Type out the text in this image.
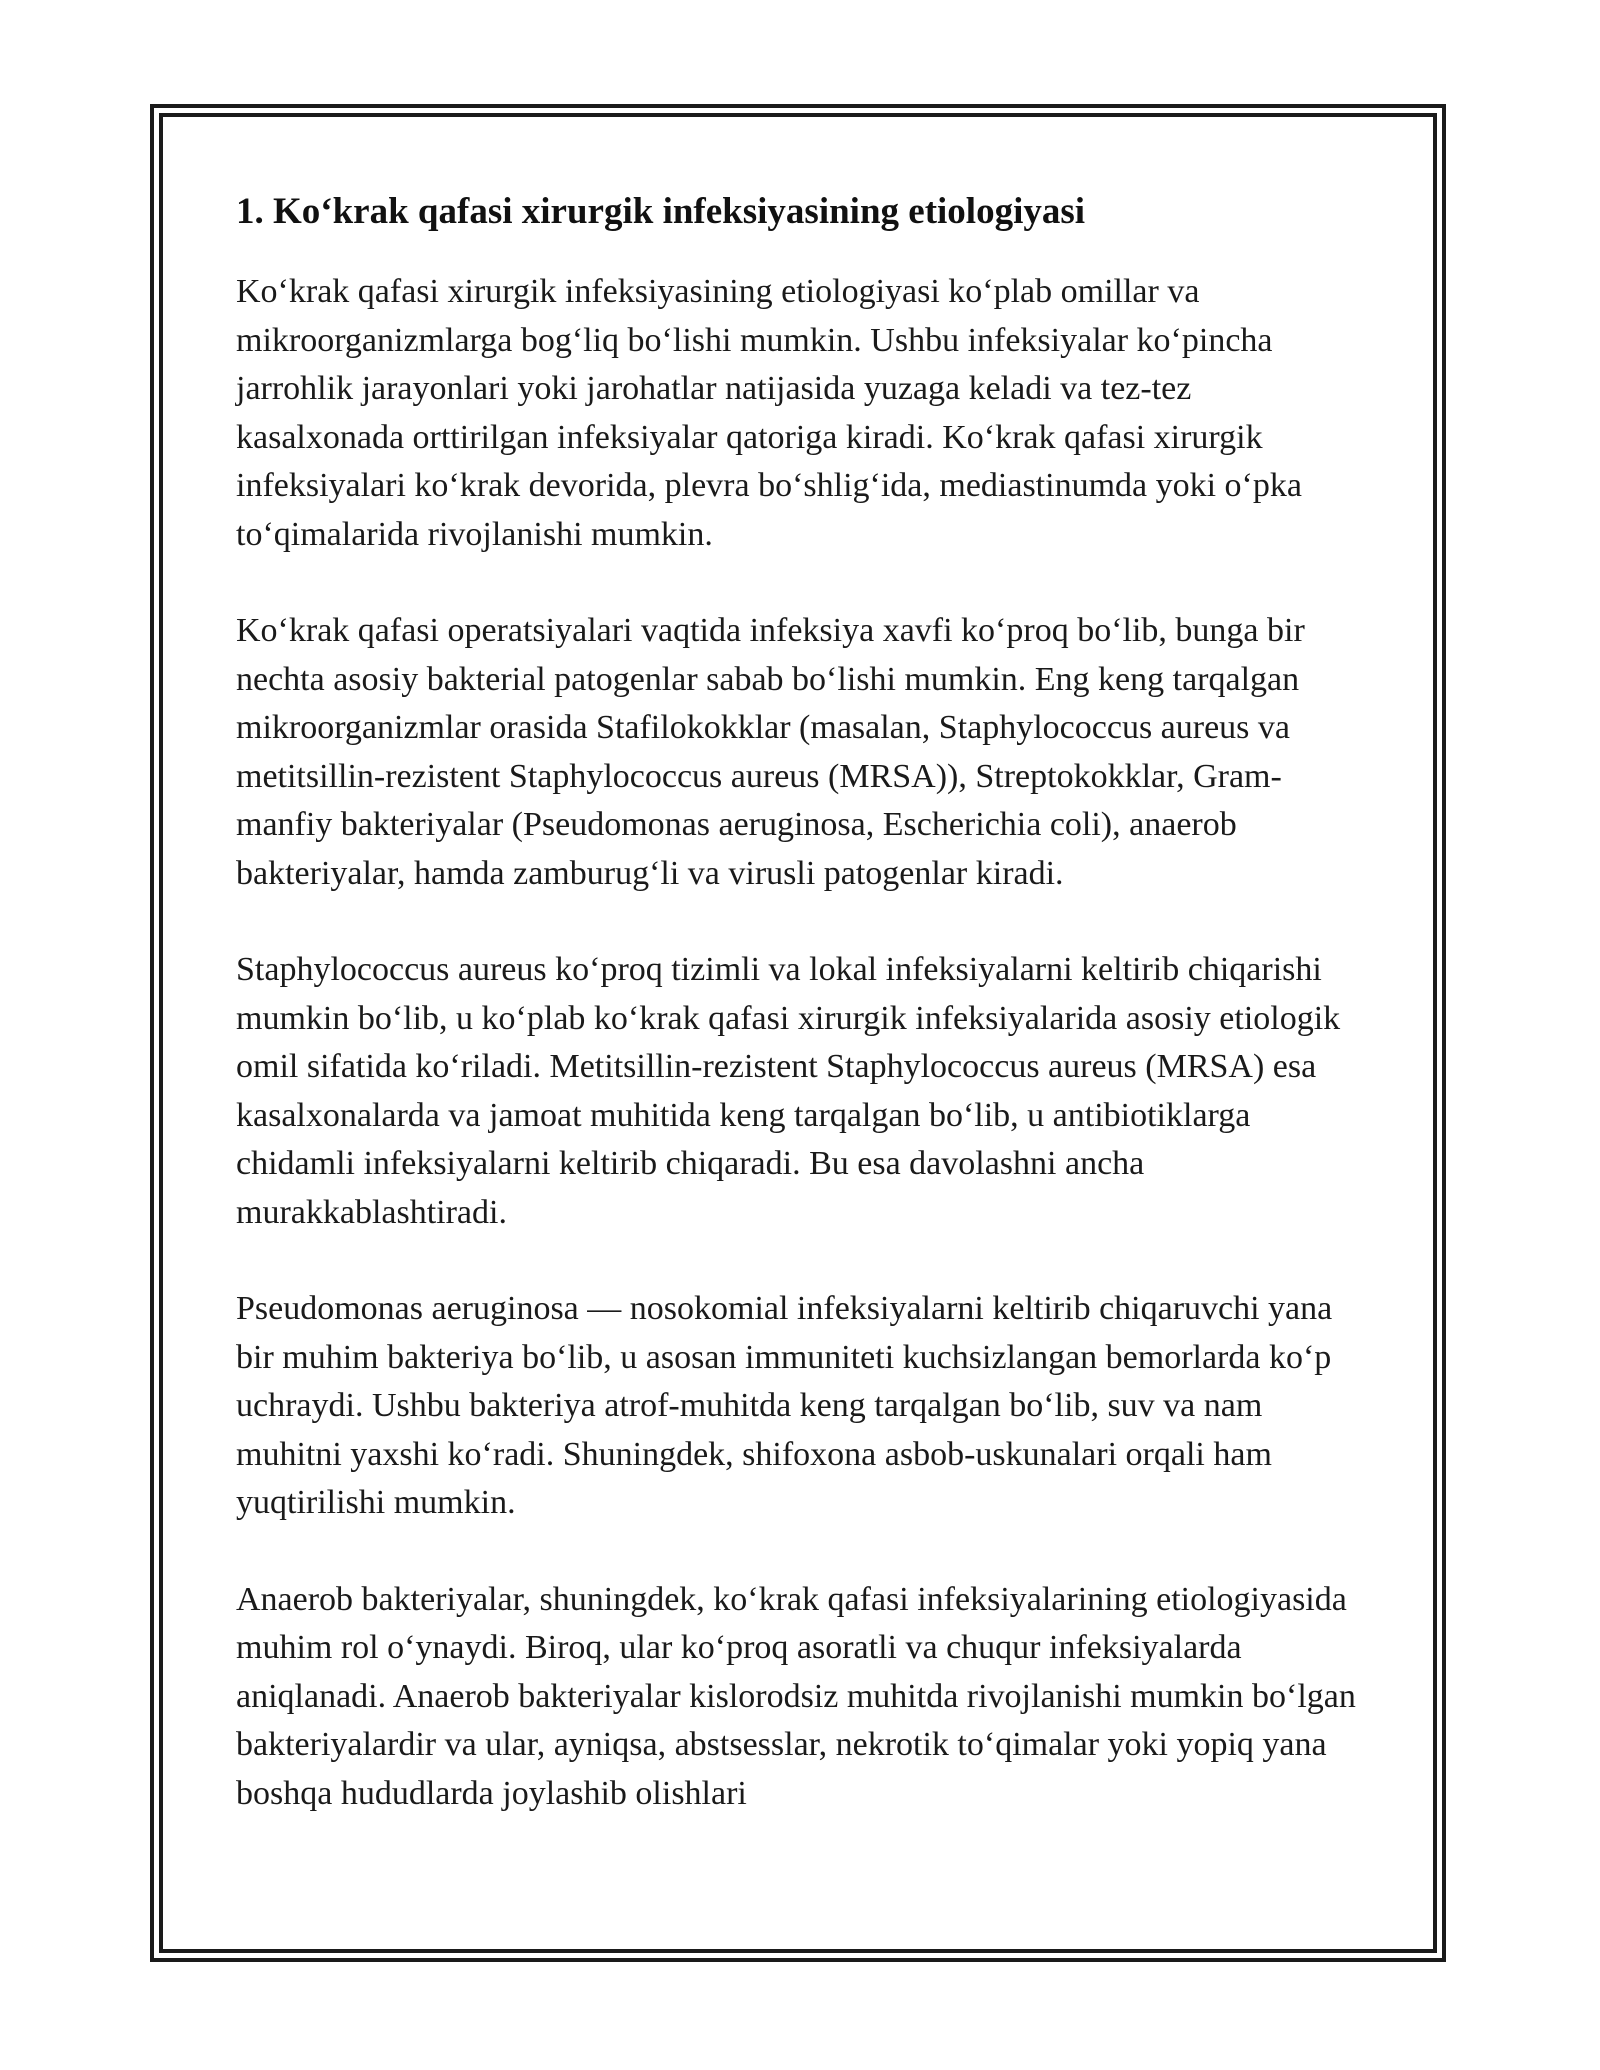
1. Ko‘krak qafasi xirurgik infeksiyasining etiologiyasi

Ko‘krak qafasi xirurgik infeksiyasining etiologiyasi ko‘plab omillar va mikroorganizmlarga bog‘liq bo‘lishi mumkin. Ushbu infeksiyalar ko‘pincha jarrohlik jarayonlari yoki jarohatlar natijasida yuzaga keladi va tez-tez kasalxonada orttirilgan infeksiyalar qatoriga kiradi. Ko‘krak qafasi xirurgik infeksiyalari ko‘krak devorida, plevra bo‘shlig‘ida, mediastinumda yoki o‘pka to‘qimalarida rivojlanishi mumkin.

Ko‘krak qafasi operatsiyalari vaqtida infeksiya xavfi ko‘proq bo‘lib, bunga bir nechta asosiy bakterial patogenlar sabab bo‘lishi mumkin. Eng keng tarqalgan mikroorganizmlar orasida Stafilokokklar (masalan, Staphylococcus aureus va metitsillin-rezistent Staphylococcus aureus (MRSA)), Streptokokklar, Gram-manfiy bakteriyalar (Pseudomonas aeruginosa, Escherichia coli), anaerob bakteriyalar, hamda zamburug‘li va virusli patogenlar kiradi.

Staphylococcus aureus ko‘proq tizimli va lokal infeksiyalarni keltirib chiqarishi mumkin bo‘lib, u ko‘plab ko‘krak qafasi xirurgik infeksiyalarida asosiy etiologik omil sifatida ko‘riladi. Metitsillin-rezistent Staphylococcus aureus (MRSA) esa kasalxonalarda va jamoat muhitida keng tarqalgan bo‘lib, u antibiotiklarga chidamli infeksiyalarni keltirib chiqaradi. Bu esa davolashni ancha murakkablashtiradi.

Pseudomonas aeruginosa — nosokomial infeksiyalarni keltirib chiqaruvchi yana bir muhim bakteriya bo‘lib, u asosan immuniteti kuchsizlangan bemorlarda ko‘p uchraydi. Ushbu bakteriya atrof-muhitda keng tarqalgan bo‘lib, suv va nam muhitni yaxshi ko‘radi. Shuningdek, shifoxona asbob-uskunalari orqali ham yuqtirilishi mumkin.

Anaerob bakteriyalar, shuningdek, ko‘krak qafasi infeksiyalarining etiologiyasida muhim rol o‘ynaydi. Biroq, ular ko‘proq asoratli va chuqur infeksiyalarda aniqlanadi. Anaerob bakteriyalar kislorodsiz muhitda rivojlanishi mumkin bo‘lgan bakteriyalardir va ular, ayniqsa, abstsesslar, nekrotik to‘qimalar yoki yopiq yana boshqa hududlarda joylashib olishlari
